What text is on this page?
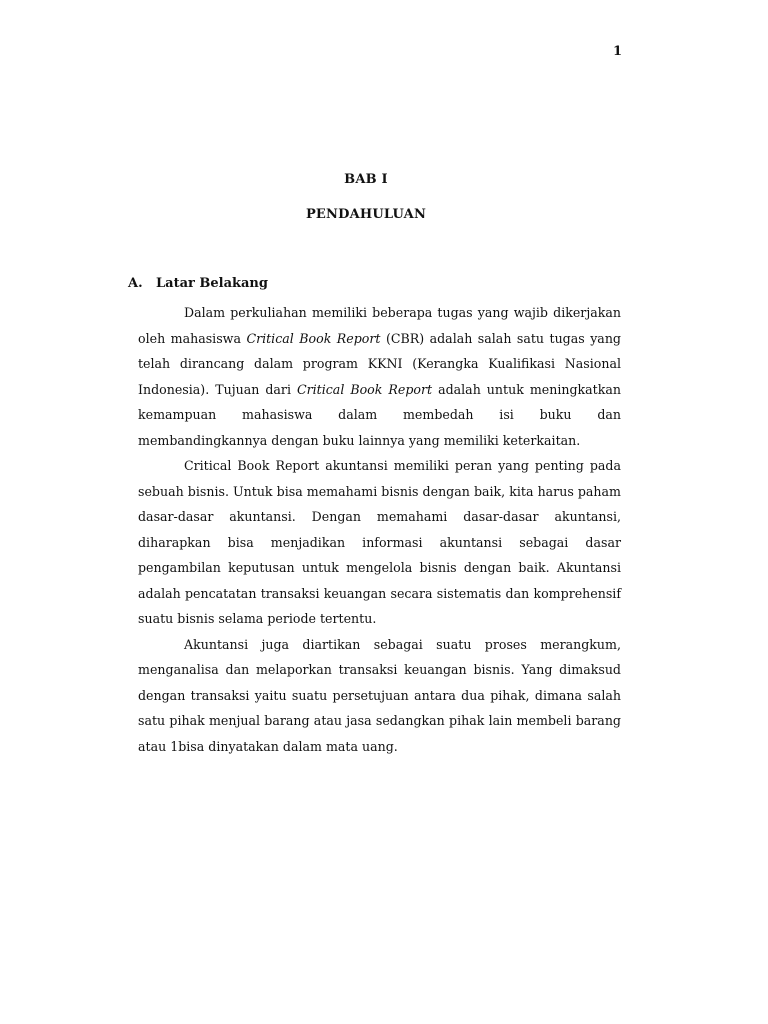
1
BAB I
PENDAHULUAN
A. Latar Belakang

Dalam perkuliahan memiliki beberapa tugas yang wajib dikerjakan oleh mahasiswa Critical Book Report (CBR) adalah salah satu tugas yang telah dirancang dalam program KKNI (Kerangka Kualifikasi Nasional Indonesia). Tujuan dari Critical Book Report adalah untuk meningkatkan kemampuan mahasiswa dalam membedah isi buku dan membandingkannya dengan buku lainnya yang memiliki keterkaitan.

Critical Book Report akuntansi memiliki peran yang penting pada sebuah bisnis. Untuk bisa memahami bisnis dengan baik, kita harus paham dasar-dasar akuntansi. Dengan memahami dasar-dasar akuntansi, diharapkan bisa menjadikan informasi akuntansi sebagai dasar pengambilan keputusan untuk mengelola bisnis dengan baik. Akuntansi adalah pencatatan transaksi keuangan secara sistematis dan komprehensif suatu bisnis selama periode tertentu.

Akuntansi juga diartikan sebagai suatu proses merangkum, menganalisa dan melaporkan transaksi keuangan bisnis. Yang dimaksud dengan transaksi yaitu suatu persetujuan antara dua pihak, dimana salah satu pihak menjual barang atau jasa sedangkan pihak lain membeli barang atau 1bisa dinyatakan dalam mata uang.
